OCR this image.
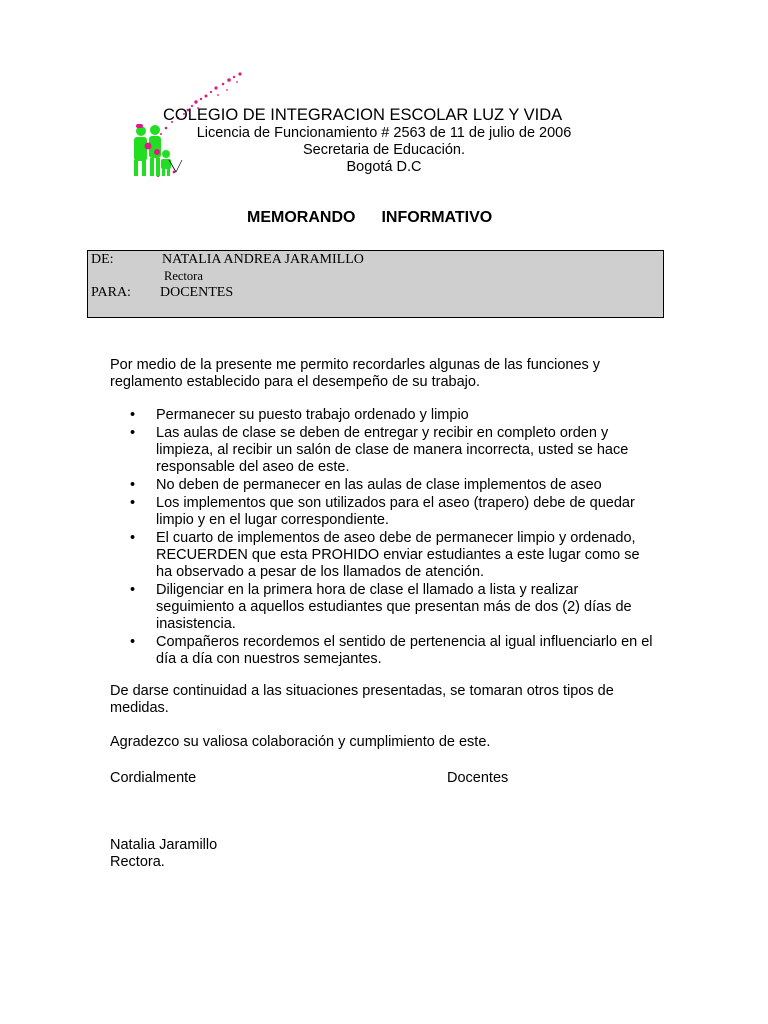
COLEGIO DE INTEGRACION ESCOLAR LUZ Y VIDA
Licencia de Funcionamiento # 2563 de 11 de julio de 2006
Secretaria de Educación.
Bogotá D.C
MEMORANDO INFORMATIVO
DE:	NATALIA ANDREA JARAMILLO
Rectora
PARA: DOCENTES
Por medio de la presente me permito recordarles algunas de las funciones y reglamento establecido para el desempeño de su trabajo.
• Permanecer su puesto trabajo ordenado y limpio
• Las aulas de clase se deben de entregar y recibir en completo orden y limpieza, al recibir un salón de clase de manera incorrecta, usted se hace responsable del aseo de este.
• No deben de permanecer en las aulas de clase implementos de aseo
• Los implementos que son utilizados para el aseo (trapero) debe de quedar limpio y en el lugar correspondiente.
• El cuarto de implementos de aseo debe de permanecer limpio y ordenado, RECUERDEN que esta PROHIDO enviar estudiantes a este lugar como se ha observado a pesar de los llamados de atención.
• Diligenciar en la primera hora de clase el llamado a lista y realizar seguimiento a aquellos estudiantes que presentan más de dos (2) días de inasistencia.
• Compañeros recordemos el sentido de pertenencia al igual influenciarlo en el día a día con nuestros semejantes.
De darse continuidad a las situaciones presentadas, se tomaran otros tipos de medidas.
Agradezco su valiosa colaboración y cumplimiento de este.
Cordialmente	Docentes
Natalia Jaramillo
Rectora.
